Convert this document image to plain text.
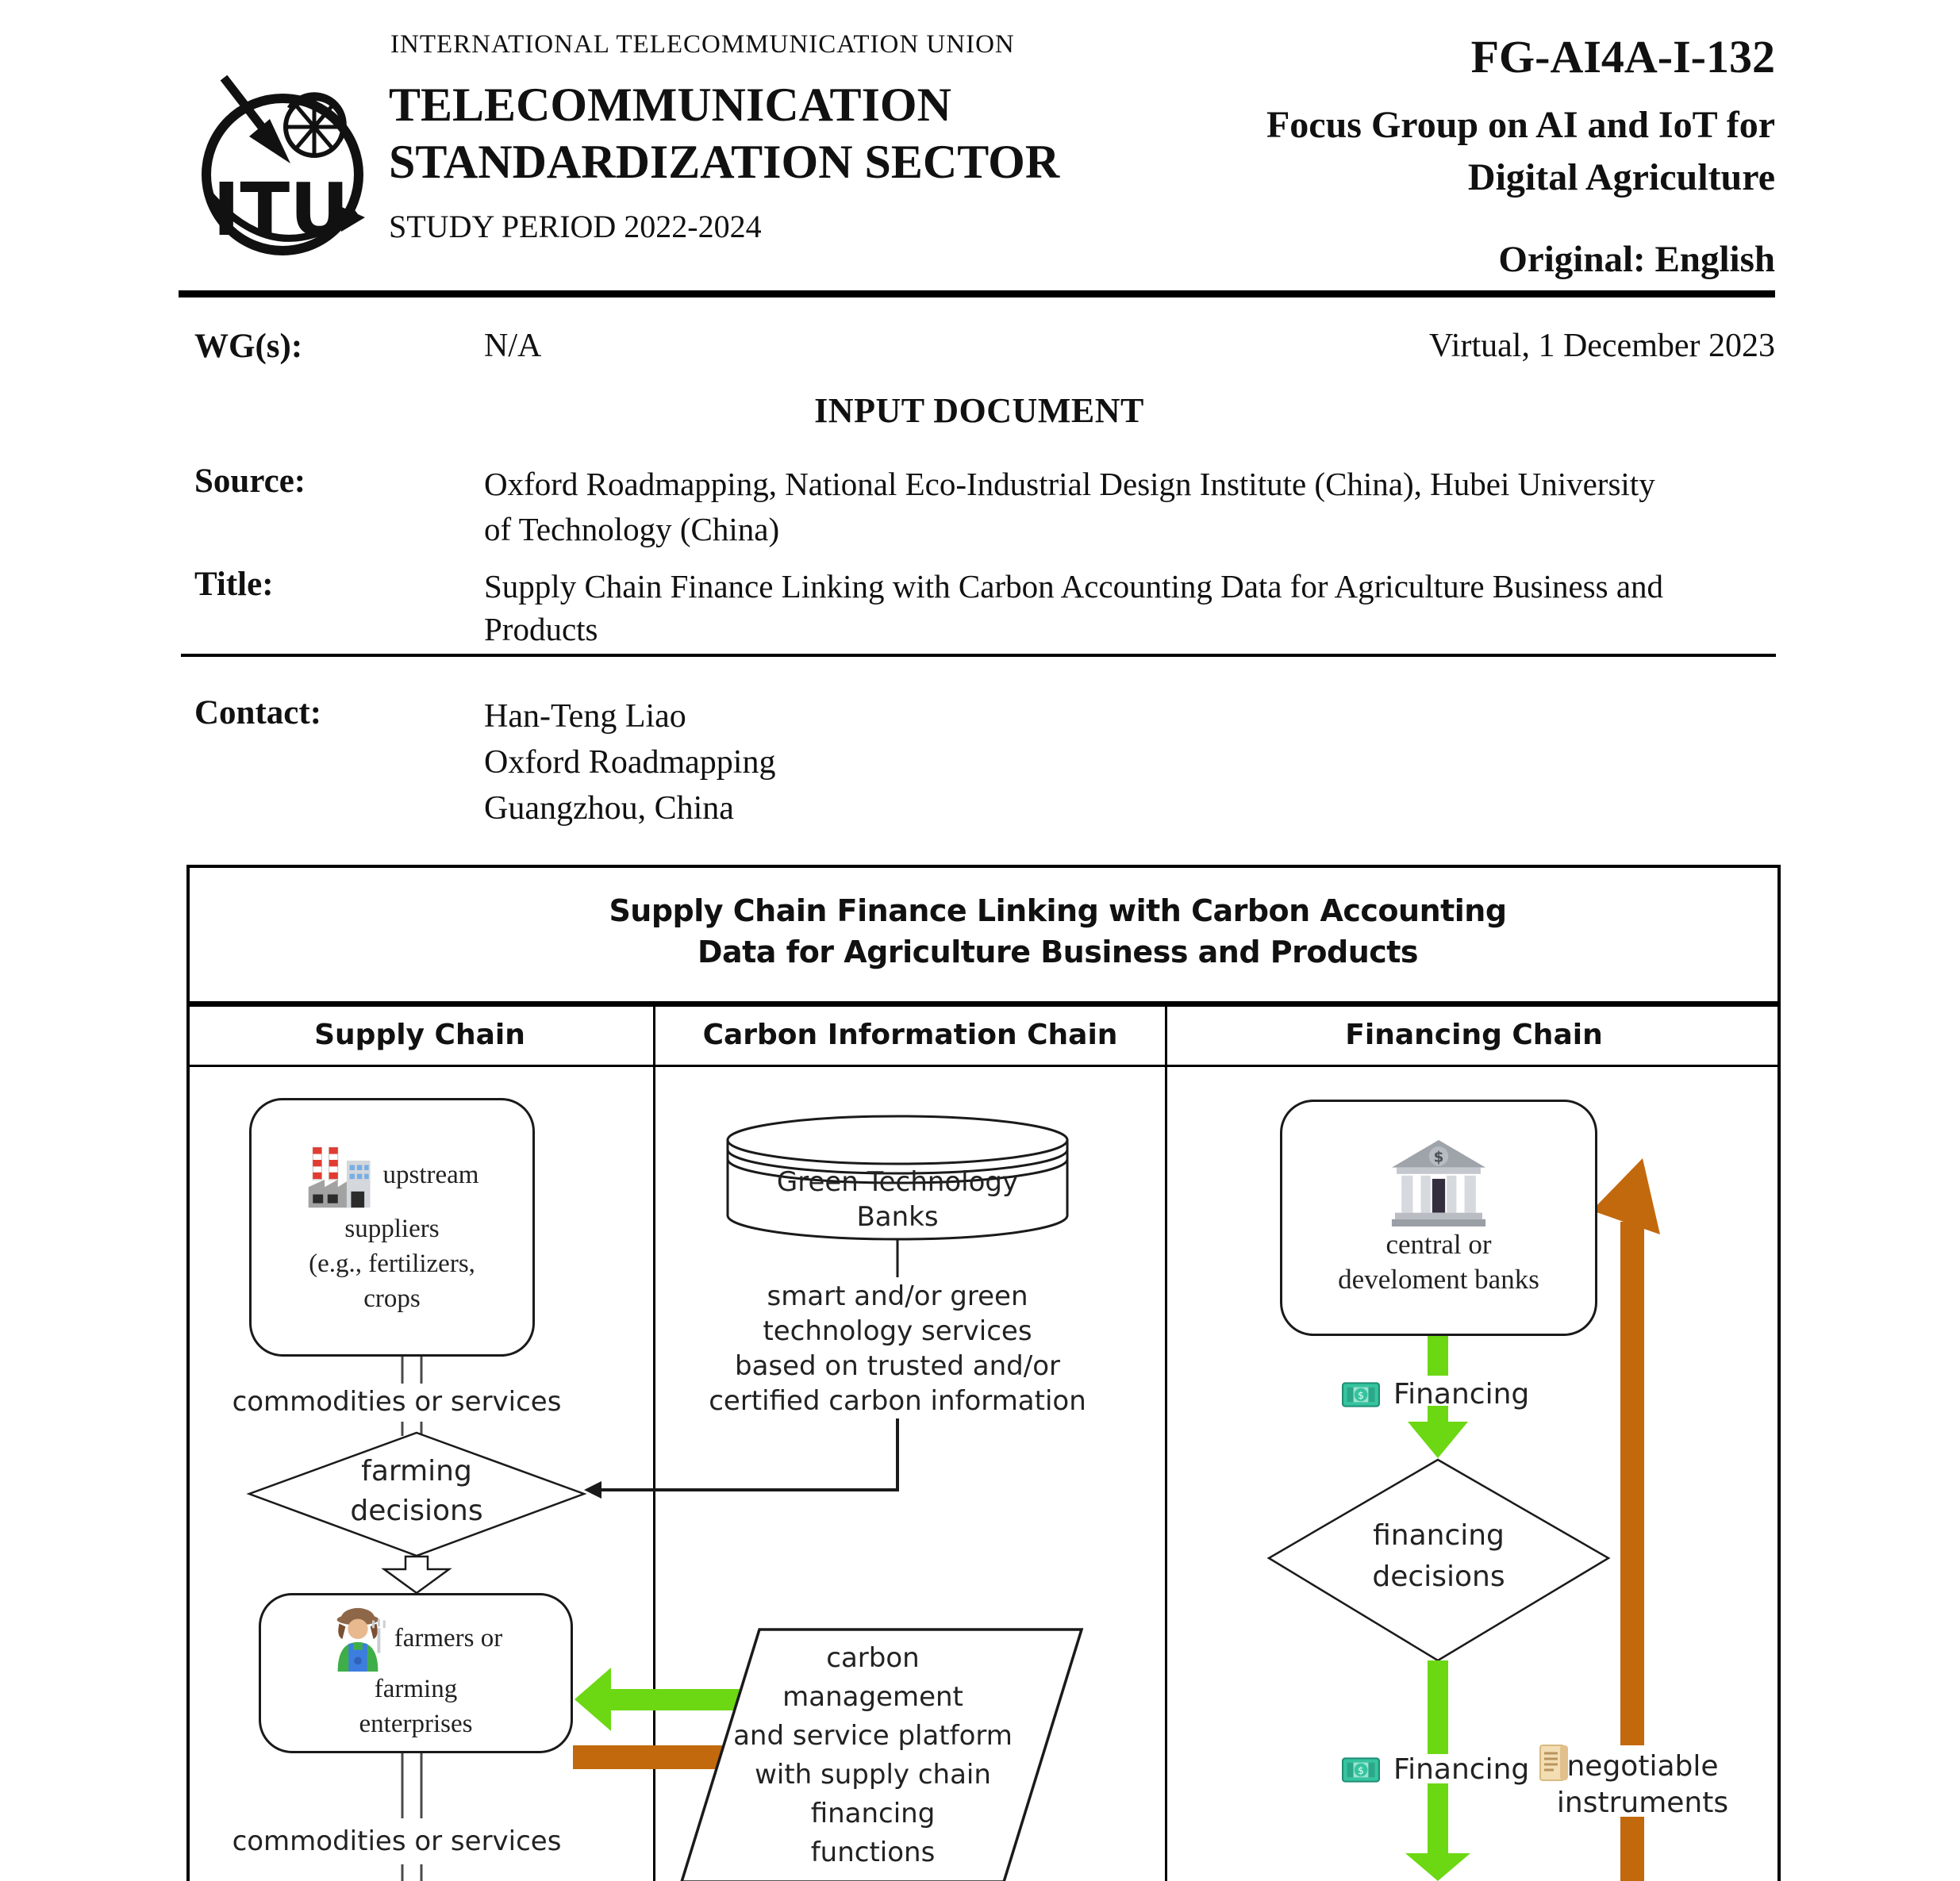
ITU
INTERNATIONAL TELECOMMUNICATION UNION
TELECOMMUNICATION
STANDARDIZATION SECTOR
STUDY PERIOD 2022-2024
FG-AI4A-I-132
Focus Group on AI and IoT for
Digital Agriculture
Original: English
WG(s):	N/A	Virtual, 1 December 2023
INPUT DOCUMENT
Source:	Oxford Roadmapping, National Eco-Industrial Design Institute (China), Hubei University of Technology (China)
Title:	Supply Chain Finance Linking with Carbon Accounting Data for Agriculture Business and Products
Contact:	Han-Teng Liao
Oxford Roadmapping
Guangzhou, China
Supply Chain Finance Linking with Carbon Accounting
Data for Agriculture Business and Products
Supply Chain	Carbon Information Chain	Financing Chain
upstream
suppliers
(e.g., fertilizers,
crops
commodities or services
farming
decisions
farmers or
farming
enterprises
commodities or services
Green Technology
Banks
smart and/or green
technology services
based on trusted and/or
certified carbon information
carbon
management
and service platform
with supply chain
financing
functions
$
central or
develoment banks
$ Financing
financing
decisions
$ Financing	negotiable instruments
